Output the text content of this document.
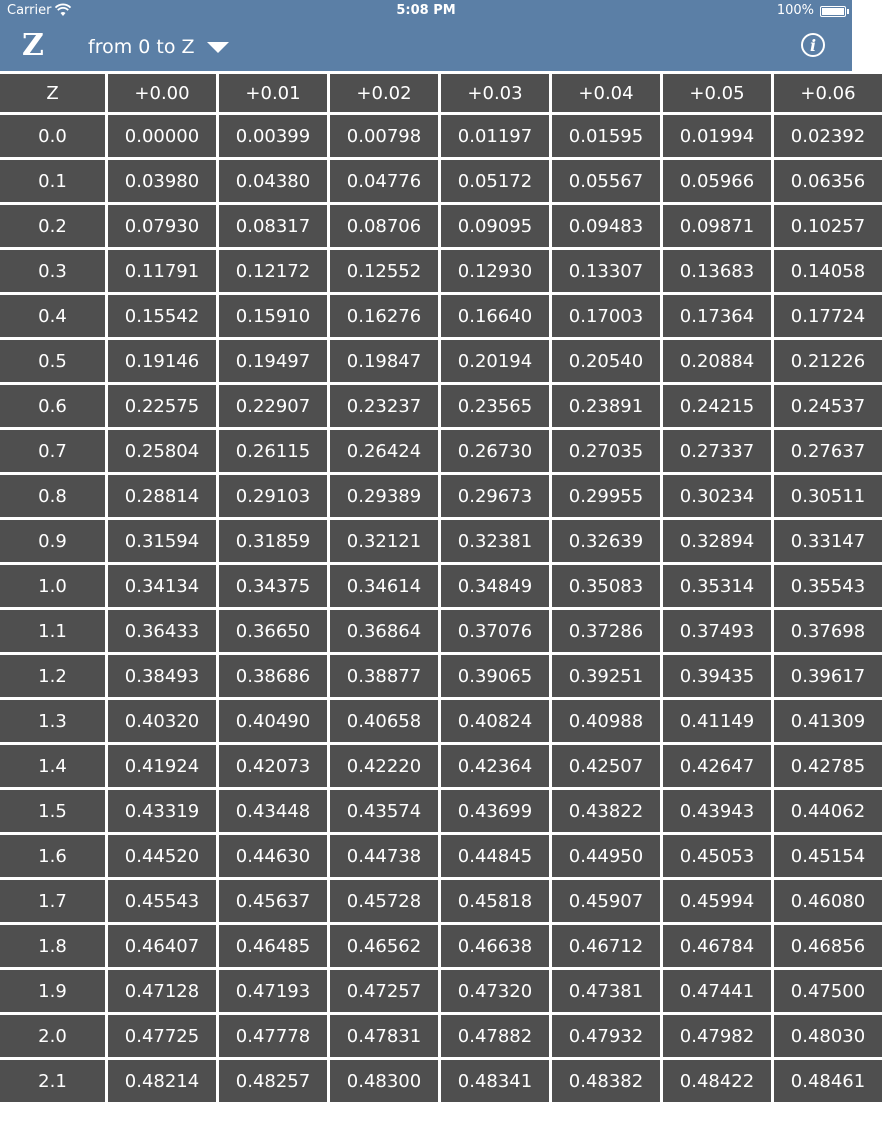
Carrier	5:08 PM	100%
Z from 0 to Z	i
Z	+0.00	+0.01	+0.02	+0.03	+0.04	+0.05	+0.06
0.0	0.00000	0.00399	0.00798	0.01197	0.01595	0.01994	0.02392
0.1	0.03980	0.04380	0.04776	0.05172	0.05567	0.05966	0.06356
0.2	0.07930	0.08317	0.08706	0.09095	0.09483	0.09871	0.10257
0.3	0.11791	0.12172	0.12552	0.12930	0.13307	0.13683	0.14058
0.4	0.15542	0.15910	0.16276	0.16640	0.17003	0.17364	0.17724
0.5	0.19146	0.19497	0.19847	0.20194	0.20540	0.20884	0.21226
0.6	0.22575	0.22907	0.23237	0.23565	0.23891	0.24215	0.24537
0.7	0.25804	0.26115	0.26424	0.26730	0.27035	0.27337	0.27637
0.8	0.28814	0.29103	0.29389	0.29673	0.29955	0.30234	0.30511
0.9	0.31594	0.31859	0.32121	0.32381	0.32639	0.32894	0.33147
1.0	0.34134	0.34375	0.34614	0.34849	0.35083	0.35314	0.35543
1.1	0.36433	0.36650	0.36864	0.37076	0.37286	0.37493	0.37698
1.2	0.38493	0.38686	0.38877	0.39065	0.39251	0.39435	0.39617
1.3	0.40320	0.40490	0.40658	0.40824	0.40988	0.41149	0.41309
1.4	0.41924	0.42073	0.42220	0.42364	0.42507	0.42647	0.42785
1.5	0.43319	0.43448	0.43574	0.43699	0.43822	0.43943	0.44062
1.6	0.44520	0.44630	0.44738	0.44845	0.44950	0.45053	0.45154
1.7	0.45543	0.45637	0.45728	0.45818	0.45907	0.45994	0.46080
1.8	0.46407	0.46485	0.46562	0.46638	0.46712	0.46784	0.46856
1.9	0.47128	0.47193	0.47257	0.47320	0.47381	0.47441	0.47500
2.0	0.47725	0.47778	0.47831	0.47882	0.47932	0.47982	0.48030
2.1	0.48214	0.48257	0.48300	0.48341	0.48382	0.48422	0.48461
